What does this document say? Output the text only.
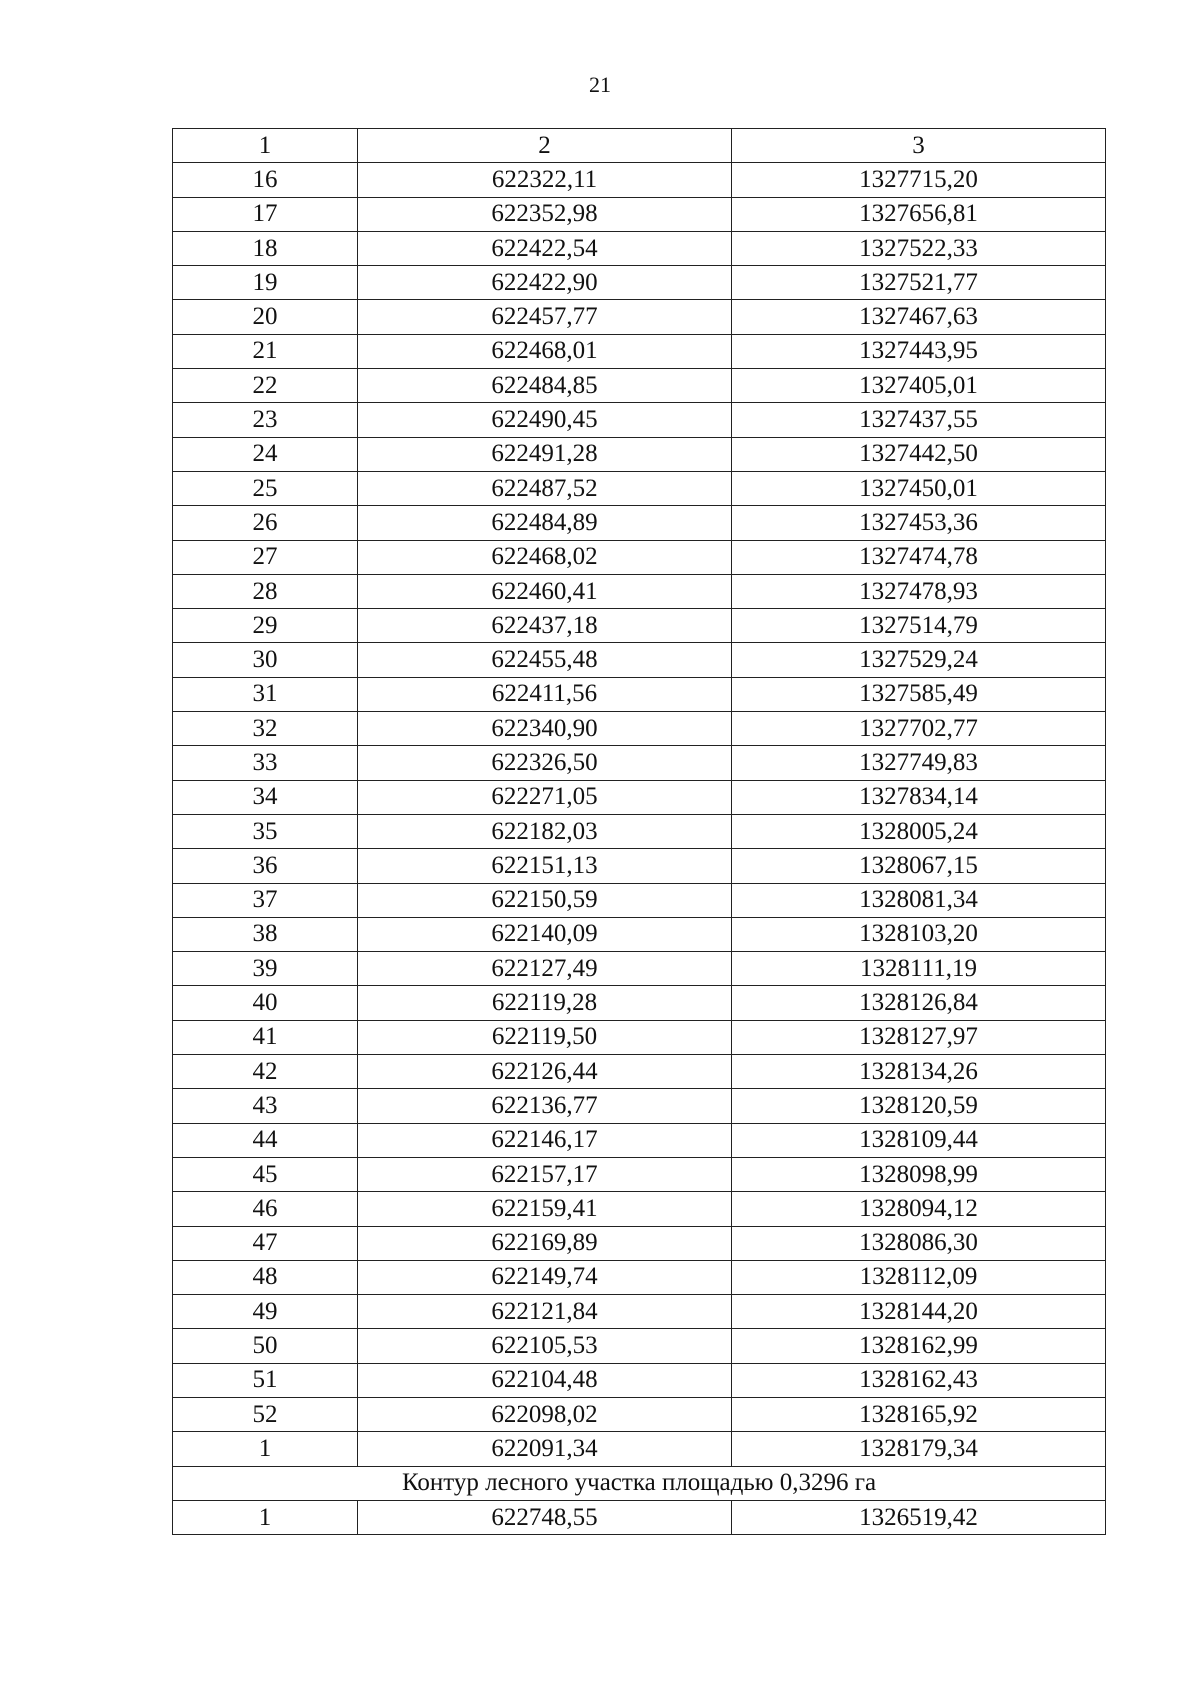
21
1	2	3
16	622322,11	1327715,20
17	622352,98	1327656,81
18	622422,54	1327522,33
19	622422,90	1327521,77
20	622457,77	1327467,63
21	622468,01	1327443,95
22	622484,85	1327405,01
23	622490,45	1327437,55
24	622491,28	1327442,50
25	622487,52	1327450,01
26	622484,89	1327453,36
27	622468,02	1327474,78
28	622460,41	1327478,93
29	622437,18	1327514,79
30	622455,48	1327529,24
31	622411,56	1327585,49
32	622340,90	1327702,77
33	622326,50	1327749,83
34	622271,05	1327834,14
35	622182,03	1328005,24
36	622151,13	1328067,15
37	622150,59	1328081,34
38	622140,09	1328103,20
39	622127,49	1328111,19
40	622119,28	1328126,84
41	622119,50	1328127,97
42	622126,44	1328134,26
43	622136,77	1328120,59
44	622146,17	1328109,44
45	622157,17	1328098,99
46	622159,41	1328094,12
47	622169,89	1328086,30
48	622149,74	1328112,09
49	622121,84	1328144,20
50	622105,53	1328162,99
51	622104,48	1328162,43
52	622098,02	1328165,92
1	622091,34	1328179,34
Контур лесного участка площадью 0,3296 га		
1	622748,55	1326519,42
